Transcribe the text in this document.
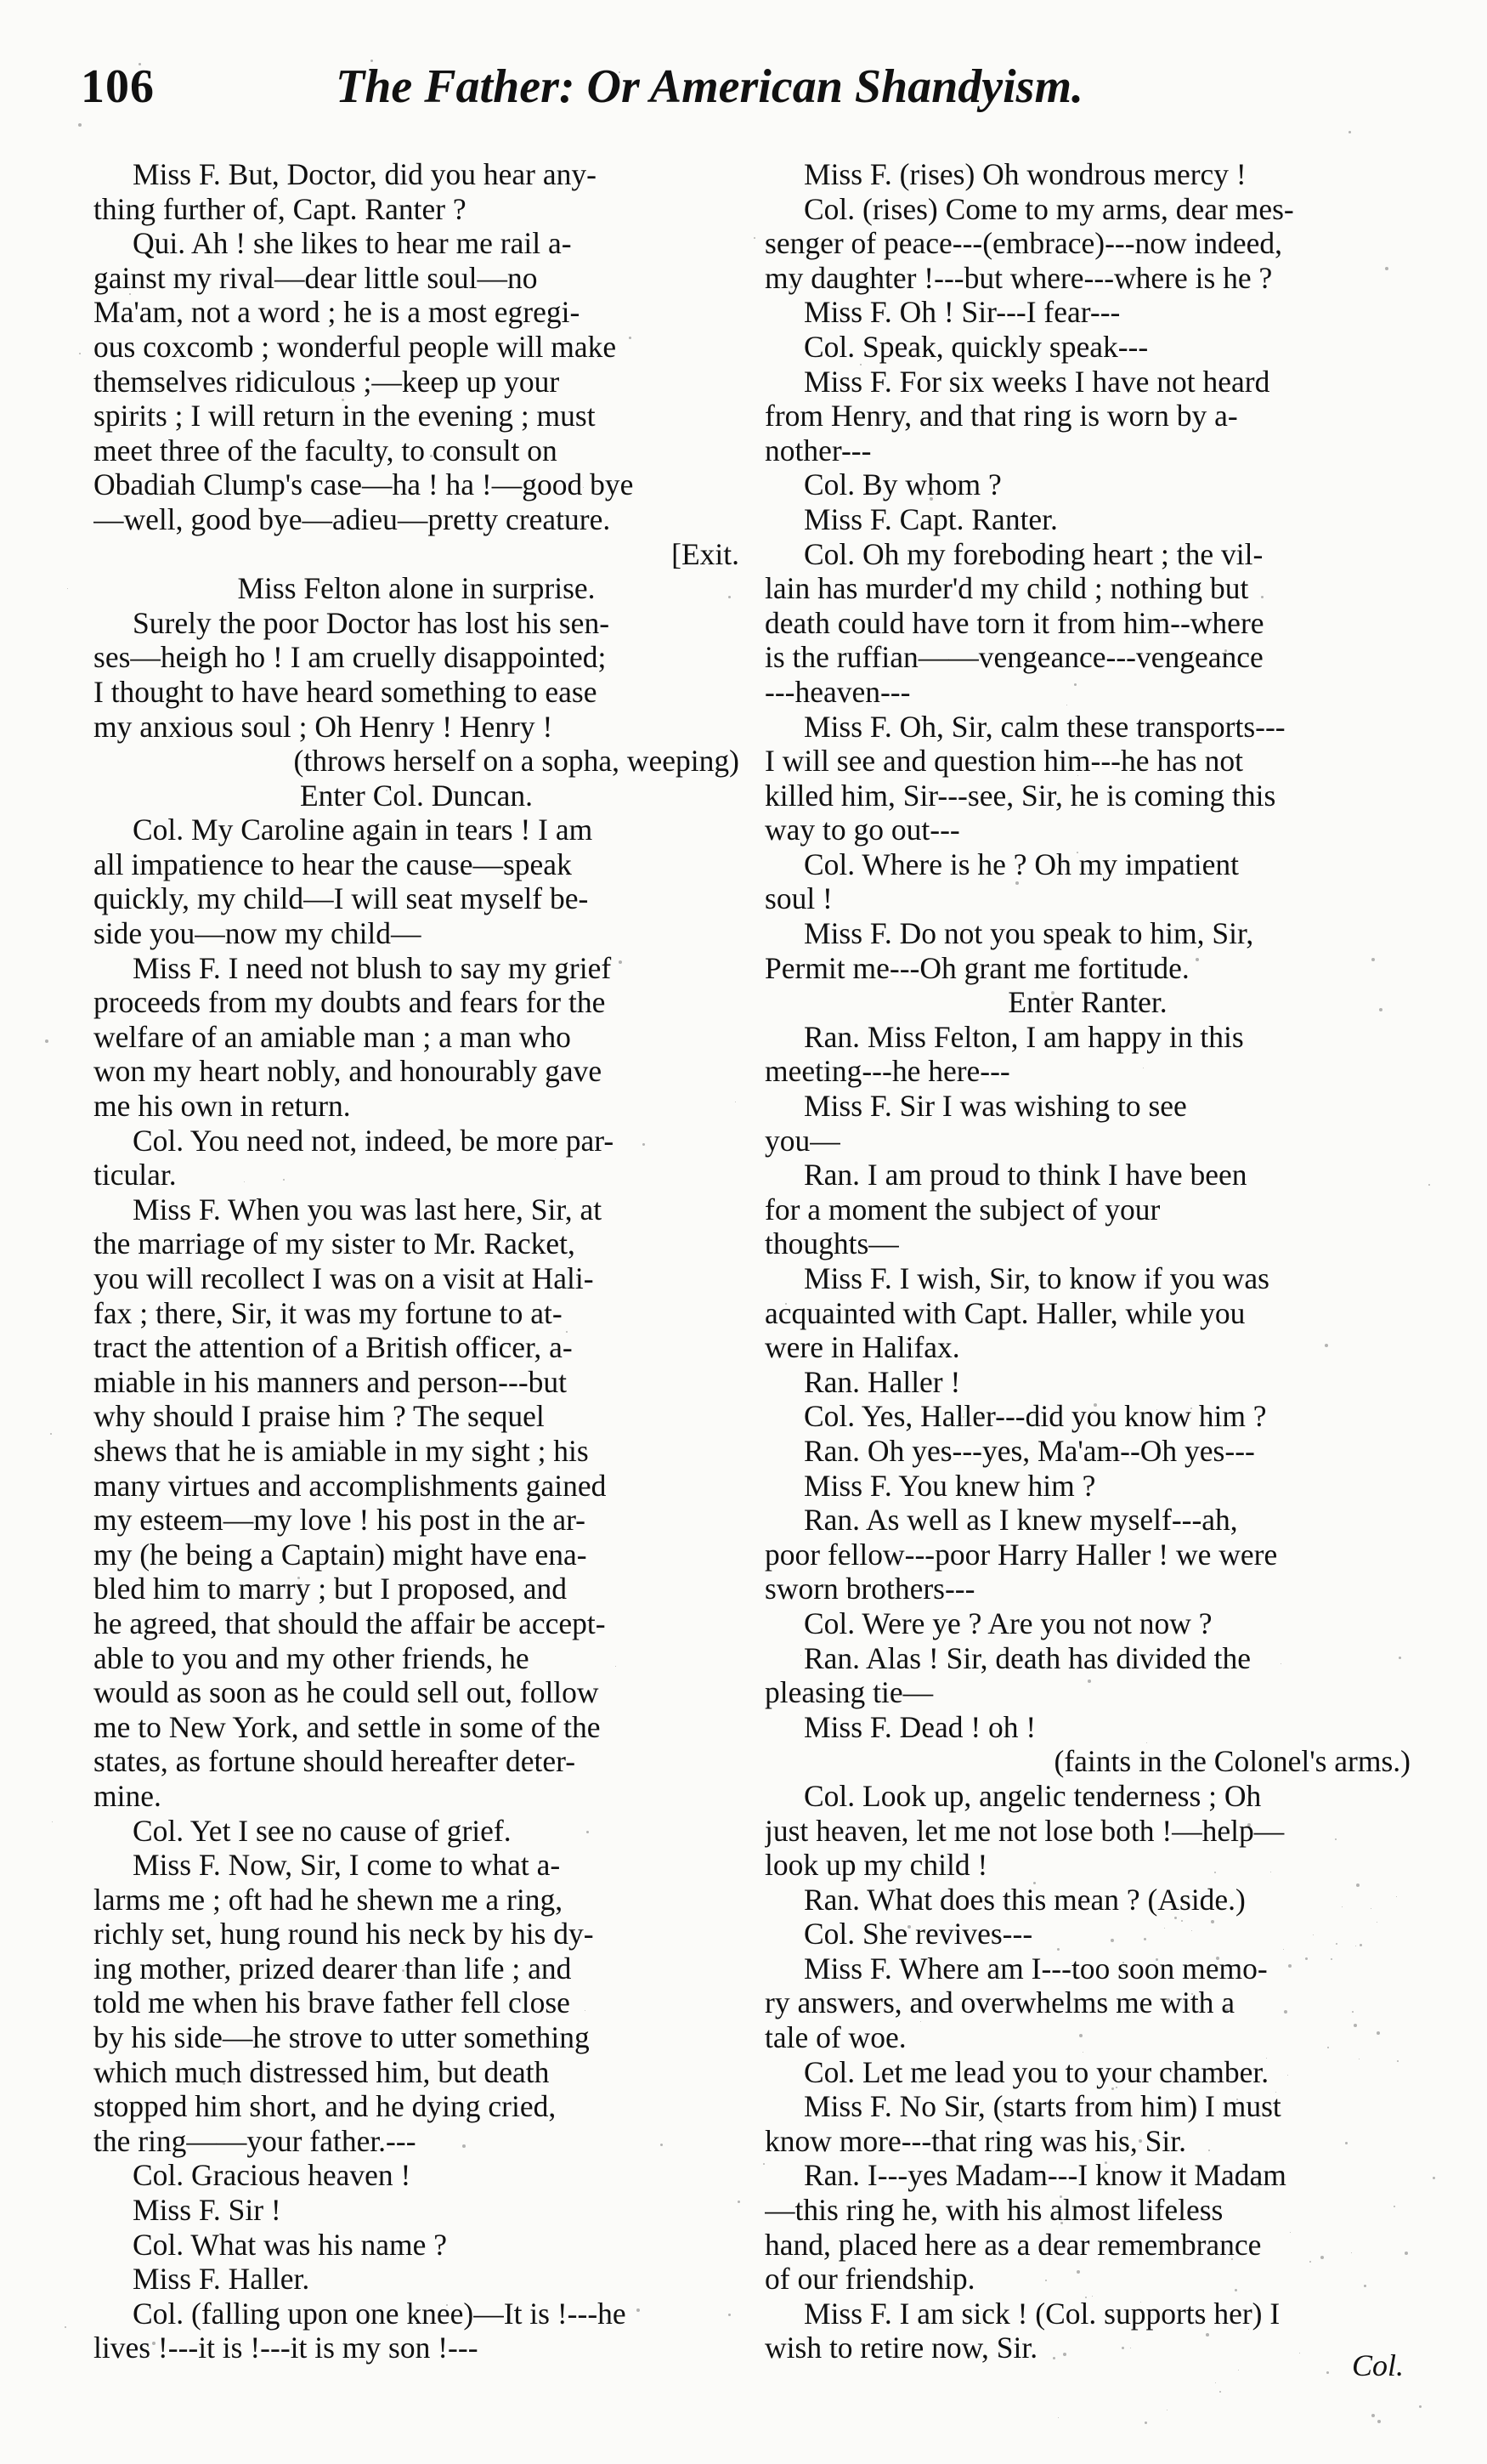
106	The Father: Or American Shandyism.
Miss F. But, Doctor, did you hear any-
thing further of, Capt. Ranter ?
Qui. Ah ! she likes to hear me rail a-
gainst my rival—dear little soul—no
Ma'am, not a word ; he is a most egregi-
ous coxcomb ; wonderful people will make
themselves ridiculous ;—keep up your
spirits ; I will return in the evening ; must
meet three of the faculty, to consult on
Obadiah Clump's case—ha ! ha !—good bye
—well, good bye—adieu—pretty creature.
[Exit.
Miss Felton alone in surprise.
Surely the poor Doctor has lost his sen-
ses—heigh ho ! I am cruelly disappointed;
I thought to have heard something to ease
my anxious soul ; Oh Henry ! Henry !
(throws herself on a sopha, weeping)
Enter Col. Duncan.
Col. My Caroline again in tears ! I am
all impatience to hear the cause—speak
quickly, my child—I will seat myself be-
side you—now my child—
Miss F. I need not blush to say my grief
proceeds from my doubts and fears for the
welfare of an amiable man ; a man who
won my heart nobly, and honourably gave
me his own in return.
Col. You need not, indeed, be more par-
ticular.
Miss F. When you was last here, Sir, at
the marriage of my sister to Mr. Racket,
you will recollect I was on a visit at Hali-
fax ; there, Sir, it was my fortune to at-
tract the attention of a British officer, a-
miable in his manners and person---but
why should I praise him ? The sequel
shews that he is amiable in my sight ; his
many virtues and accomplishments gained
my esteem—my love ! his post in the ar-
my (he being a Captain) might have ena-
bled him to marry ; but I proposed, and
he agreed, that should the affair be accept-
able to you and my other friends, he
would as soon as he could sell out, follow
me to New York, and settle in some of the
states, as fortune should hereafter deter-
mine.
Col. Yet I see no cause of grief.
Miss F. Now, Sir, I come to what a-
larms me ; oft had he shewn me a ring,
richly set, hung round his neck by his dy-
ing mother, prized dearer than life ; and
told me when his brave father fell close
by his side—he strove to utter something
which much distressed him, but death
stopped him short, and he dying cried,
the ring——your father.---
Col. Gracious heaven !
Miss F. Sir !
Col. What was his name ?
Miss F. Haller.
Col. (falling upon one knee)—It is !---he
lives !---it is !---it is my son !---
Miss F. (rises) Oh wondrous mercy !
Col. (rises) Come to my arms, dear mes-
senger of peace---(embrace)---now indeed,
my daughter !---but where---where is he ?
Miss F. Oh ! Sir---I fear---
Col. Speak, quickly speak---
Miss F. For six weeks I have not heard
from Henry, and that ring is worn by a-
nother---
Col. By whom ?
Miss F. Capt. Ranter.
Col. Oh my foreboding heart ; the vil-
lain has murder'd my child ; nothing but
death could have torn it from him--where
is the ruffian——vengeance---vengeance
---heaven---
Miss F. Oh, Sir, calm these transports---
I will see and question him---he has not
killed him, Sir---see, Sir, he is coming this
way to go out---
Col. Where is he ? Oh my impatient
soul !
Miss F. Do not you speak to him, Sir,
Permit me---Oh grant me fortitude.
Enter Ranter.
Ran. Miss Felton, I am happy in this
meeting---he here---
Miss F. Sir I was wishing to see
you—
Ran. I am proud to think I have been
for a moment the subject of your
thoughts—
Miss F. I wish, Sir, to know if you was
acquainted with Capt. Haller, while you
were in Halifax.
Ran. Haller !
Col. Yes, Haller---did you know him ?
Ran. Oh yes---yes, Ma'am--Oh yes---
Miss F. You knew him ?
Ran. As well as I knew myself---ah,
poor fellow---poor Harry Haller ! we were
sworn brothers---
Col. Were ye ? Are you not now ?
Ran. Alas ! Sir, death has divided the
pleasing tie—
Miss F. Dead ! oh !
(faints in the Colonel's arms.)
Col. Look up, angelic tenderness ; Oh
just heaven, let me not lose both !—help—
look up my child !
Ran. What does this mean ? (Aside.)
Col. She revives---
Miss F. Where am I---too soon memo-
ry answers, and overwhelms me with a
tale of woe.
Col. Let me lead you to your chamber.
Miss F. No Sir, (starts from him) I must
know more---that ring was his, Sir.
Ran. I---yes Madam---I know it Madam
—this ring he, with his almost lifeless
hand, placed here as a dear remembrance
of our friendship.
Miss F. I am sick ! (Col. supports her) I
wish to retire now, Sir.
Col.
